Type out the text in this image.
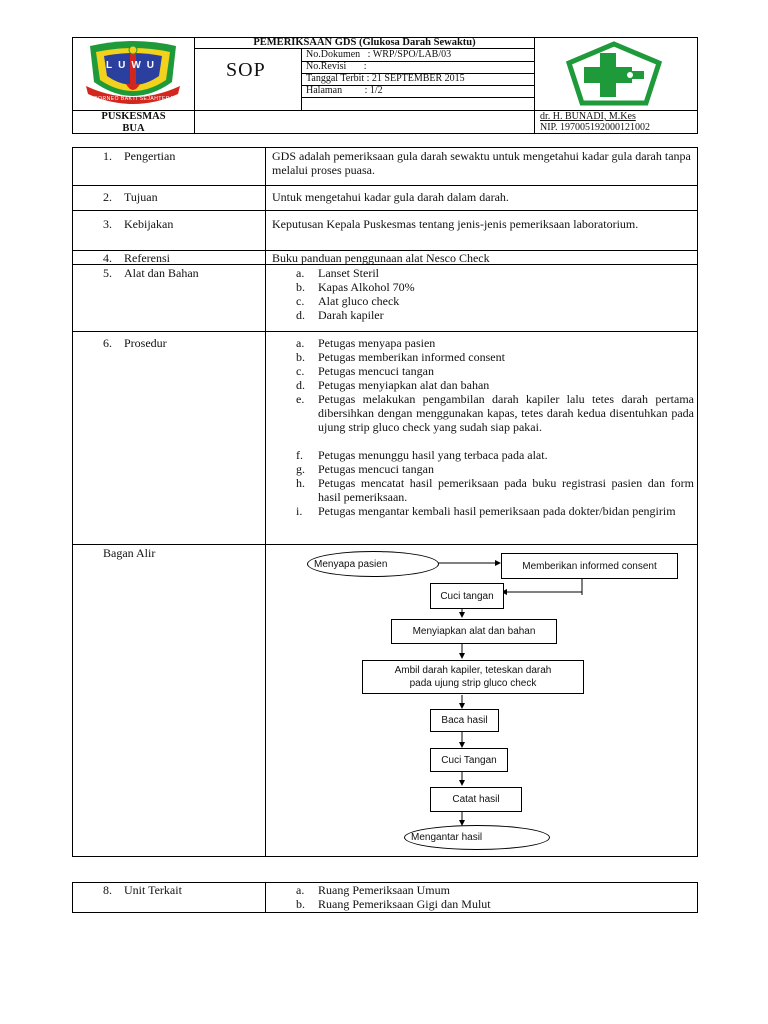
LUWU
BORNEO BAKTI SEJAHTERA
PUSKESMAS
BUA
PEMERIKSAAN GDS (Glukosa Darah Sewaktu)
SOP
No.Dokumen   : WRP/SPO/LAB/03
No.Revisi       :
Tanggal Terbit : 21 SEPTEMBER 2015
Halaman         : 1/2
dr. H. BUNADI, M.Kes
NIP. 197005192000121002
1. Pengertian	GDS adalah pemeriksaan gula darah sewaktu untuk mengetahui kadar gula darah tanpa melalui proses puasa.
2. Tujuan	Untuk mengetahui kadar gula darah dalam darah.
3. Kebijakan	Keputusan Kepala Puskesmas tentang jenis-jenis pemeriksaan laboratorium.
4. Referensi	Buku panduan penggunaan alat Nesco Check
5. Alat dan Bahan	a.	Lanset Steril
b.	Kapas Alkohol 70%
c.	Alat gluco check
d.	Darah kapiler
6. Prosedur	a.	Petugas menyapa pasien
b.	Petugas memberikan informed consent
c.	Petugas mencuci tangan
d.	Petugas menyiapkan alat dan bahan
e.	Petugas melakukan pengambilan darah kapiler lalu tetes darah pertama dibersihkan dengan menggunakan kapas, tetes darah kedua disentuhkan pada ujung strip gluco check yang sudah siap pakai.
f.	Petugas menunggu hasil yang terbaca pada alat.
g.	Petugas mencuci tangan
h.	Petugas mencatat hasil pemeriksaan pada buku registrasi pasien dan form hasil pemeriksaan.
i.	Petugas mengantar kembali hasil pemeriksaan pada dokter/bidan pengirim
Bagan Alir
Menyapa pasien	Memberikan informed consent
Cuci tangan
Menyiapkan alat dan bahan
Ambil darah kapiler, teteskan darah pada ujung strip gluco check
Baca hasil
Cuci Tangan
Catat hasil
Mengantar hasil
8. Unit Terkait	a.	Ruang Pemeriksaan Umum
b.	Ruang Pemeriksaan Gigi dan Mulut
